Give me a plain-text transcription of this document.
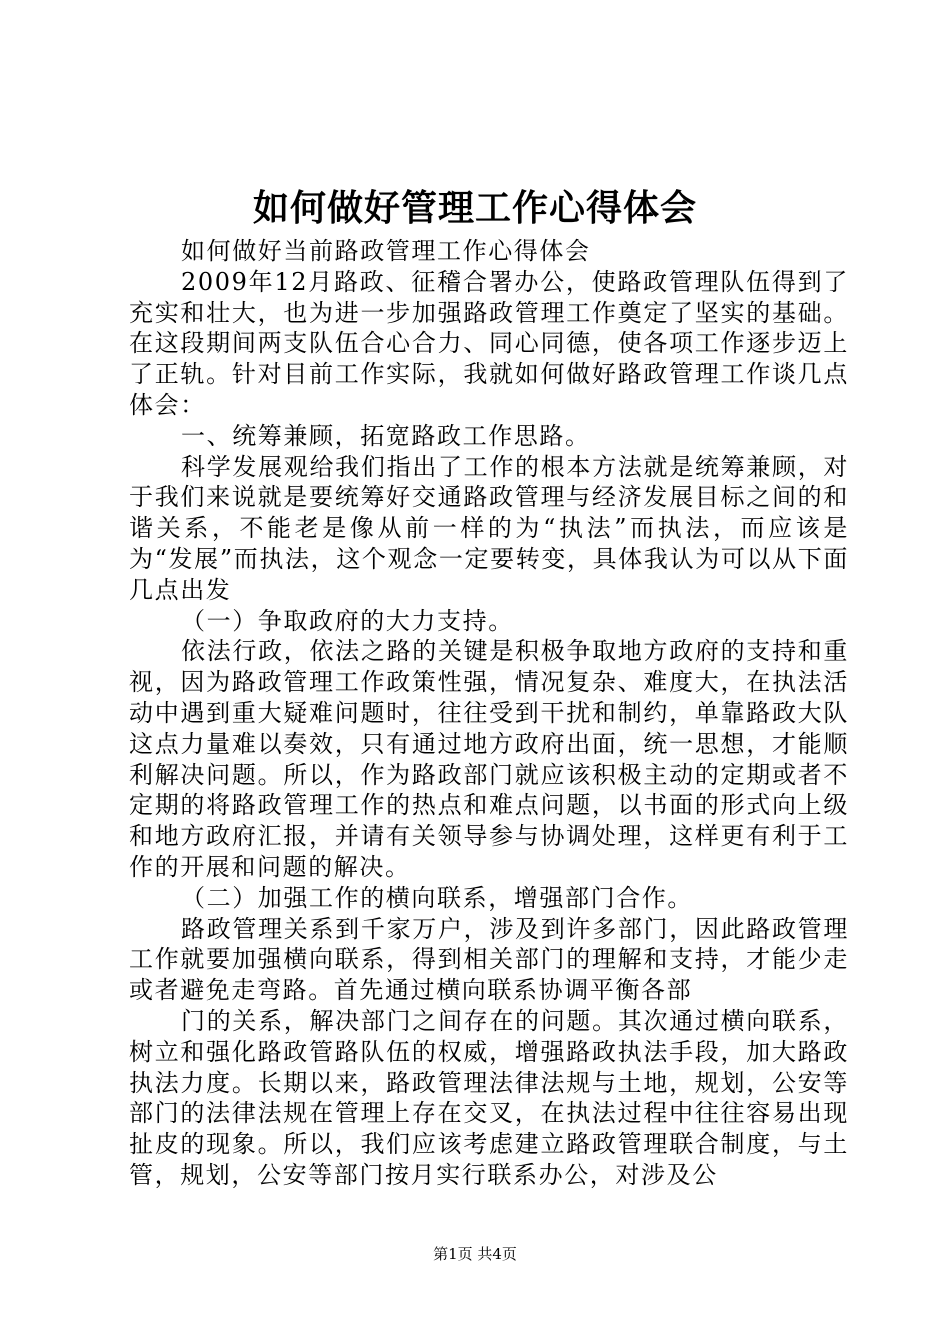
如何做好管理工作心得体会

如何做好当前路政管理工作心得体会

2009年12月路政、征稽合署办公，使路政管理队伍得到了充实和壮大，也为进一步加强路政管理工作奠定了坚实的基础。在这段期间两支队伍合心合力、同心同德，使各项工作逐步迈上了正轨。针对目前工作实际，我就如何做好路政管理工作谈几点体会：

一、统筹兼顾，拓宽路政工作思路。

科学发展观给我们指出了工作的根本方法就是统筹兼顾，对于我们来说就是要统筹好交通路政管理与经济发展目标之间的和谐关系，不能老是像从前一样的为“执法”而执法，而应该是为“发展”而执法，这个观念一定要转变，具体我认为可以从下面几点出发

（一）争取政府的大力支持。

依法行政，依法之路的关键是积极争取地方政府的支持和重视，因为路政管理工作政策性强，情况复杂、难度大，在执法活动中遇到重大疑难问题时，往往受到干扰和制约，单靠路政大队这点力量难以奏效，只有通过地方政府出面，统一思想，才能顺利解决问题。所以，作为路政部门就应该积极主动的定期或者不定期的将路政管理工作的热点和难点问题，以书面的形式向上级和地方政府汇报，并请有关领导参与协调处理，这样更有利于工作的开展和问题的解决。

（二）加强工作的横向联系，增强部门合作。

路政管理关系到千家万户，涉及到许多部门，因此路政管理工作就要加强横向联系，得到相关部门的理解和支持，才能少走或者避免走弯路。首先通过横向联系协调平衡各部

门的关系，解决部门之间存在的问题。其次通过横向联系，树立和强化路政管路队伍的权威，增强路政执法手段，加大路政执法力度。长期以来，路政管理法律法规与土地，规划，公安等部门的法律法规在管理上存在交叉，在执法过程中往往容易出现扯皮的现象。所以，我们应该考虑建立路政管理联合制度，与土管，规划，公安等部门按月实行联系办公，对涉及公

第1页 共4页
